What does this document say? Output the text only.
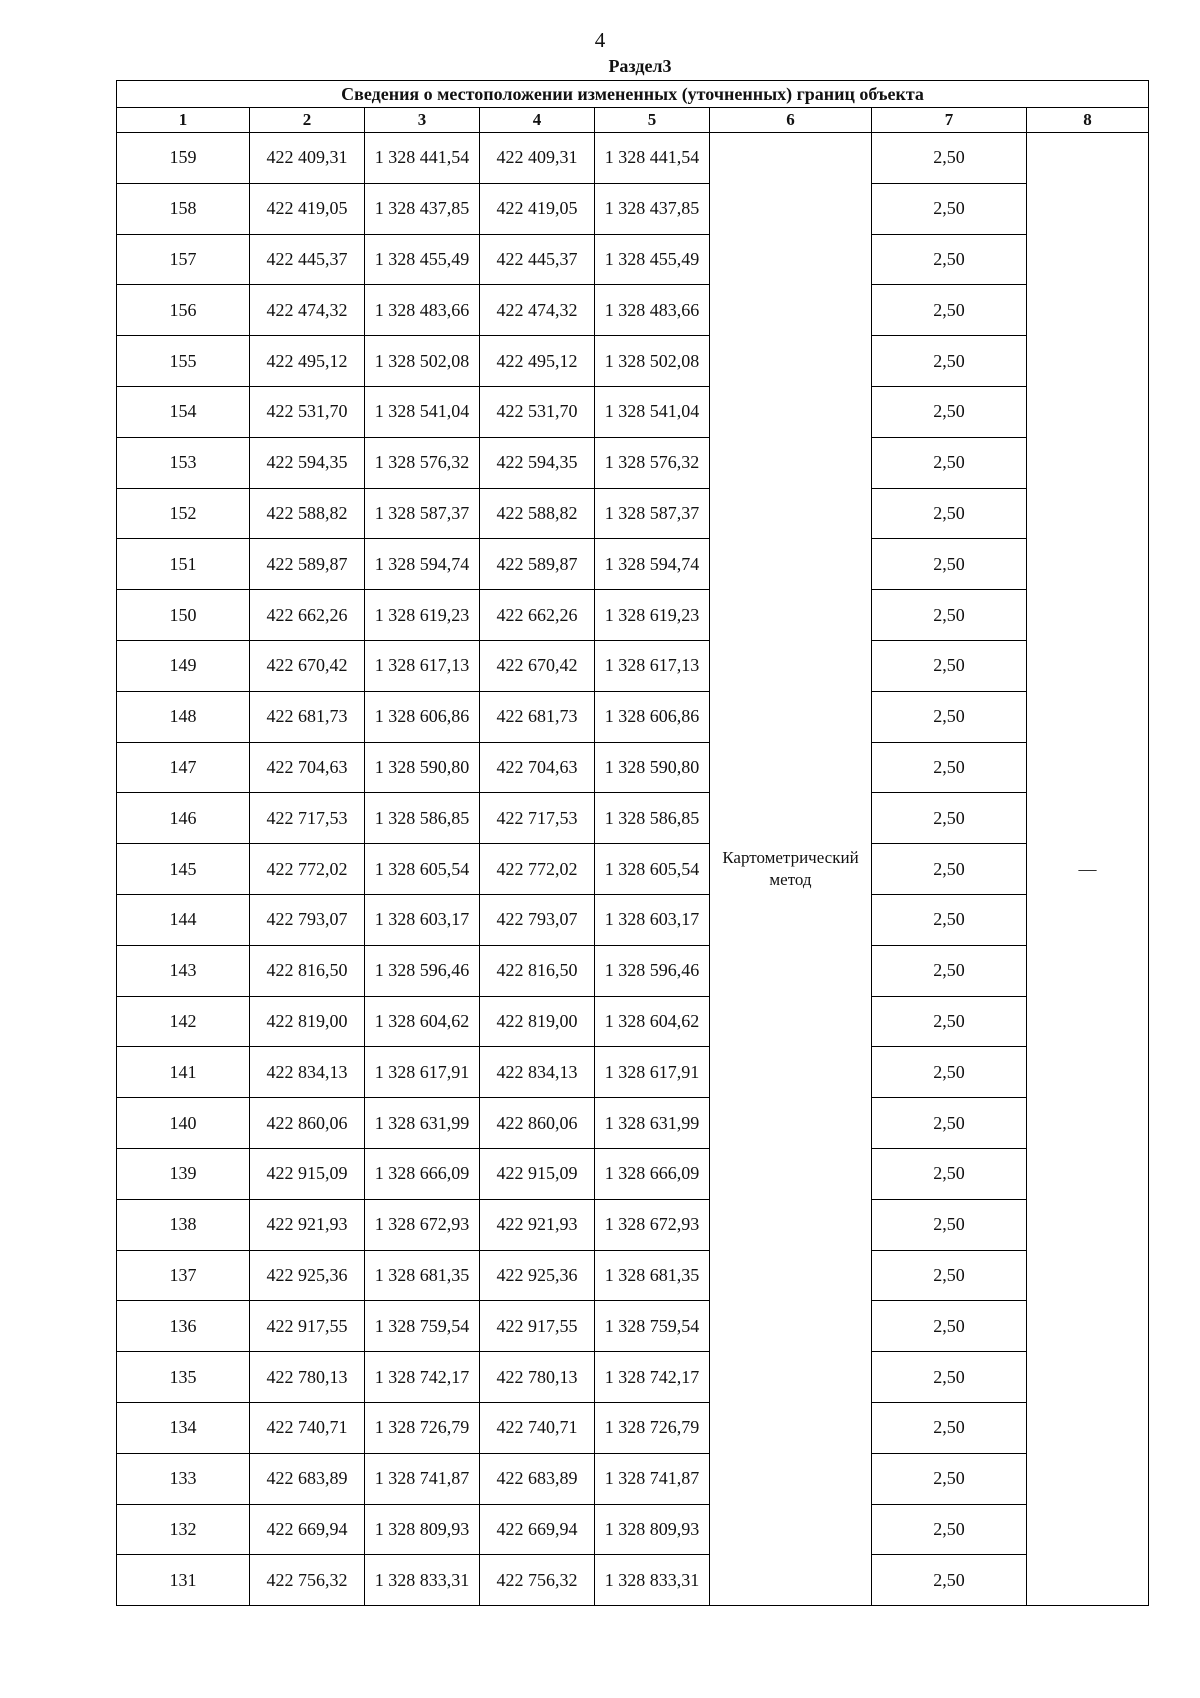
4
Раздел3
Сведения о местоположении измененных (уточненных) границ объекта							
1	2	3	4	5	6	7	8
159	422 409,31	1 328 441,54	422 409,31	1 328 441,54	Картометрический метод	2,50	—
158	422 419,05	1 328 437,85	422 419,05	1 328 437,85		2,50	
157	422 445,37	1 328 455,49	422 445,37	1 328 455,49		2,50	
156	422 474,32	1 328 483,66	422 474,32	1 328 483,66		2,50	
155	422 495,12	1 328 502,08	422 495,12	1 328 502,08		2,50	
154	422 531,70	1 328 541,04	422 531,70	1 328 541,04		2,50	
153	422 594,35	1 328 576,32	422 594,35	1 328 576,32		2,50	
152	422 588,82	1 328 587,37	422 588,82	1 328 587,37		2,50	
151	422 589,87	1 328 594,74	422 589,87	1 328 594,74		2,50	
150	422 662,26	1 328 619,23	422 662,26	1 328 619,23		2,50	
149	422 670,42	1 328 617,13	422 670,42	1 328 617,13		2,50	
148	422 681,73	1 328 606,86	422 681,73	1 328 606,86		2,50	
147	422 704,63	1 328 590,80	422 704,63	1 328 590,80		2,50	
146	422 717,53	1 328 586,85	422 717,53	1 328 586,85		2,50	
145	422 772,02	1 328 605,54	422 772,02	1 328 605,54		2,50	
144	422 793,07	1 328 603,17	422 793,07	1 328 603,17		2,50	
143	422 816,50	1 328 596,46	422 816,50	1 328 596,46		2,50	
142	422 819,00	1 328 604,62	422 819,00	1 328 604,62		2,50	
141	422 834,13	1 328 617,91	422 834,13	1 328 617,91		2,50	
140	422 860,06	1 328 631,99	422 860,06	1 328 631,99		2,50	
139	422 915,09	1 328 666,09	422 915,09	1 328 666,09		2,50	
138	422 921,93	1 328 672,93	422 921,93	1 328 672,93		2,50	
137	422 925,36	1 328 681,35	422 925,36	1 328 681,35		2,50	
136	422 917,55	1 328 759,54	422 917,55	1 328 759,54		2,50	
135	422 780,13	1 328 742,17	422 780,13	1 328 742,17		2,50	
134	422 740,71	1 328 726,79	422 740,71	1 328 726,79		2,50	
133	422 683,89	1 328 741,87	422 683,89	1 328 741,87		2,50	
132	422 669,94	1 328 809,93	422 669,94	1 328 809,93		2,50	
131	422 756,32	1 328 833,31	422 756,32	1 328 833,31		2,50	
